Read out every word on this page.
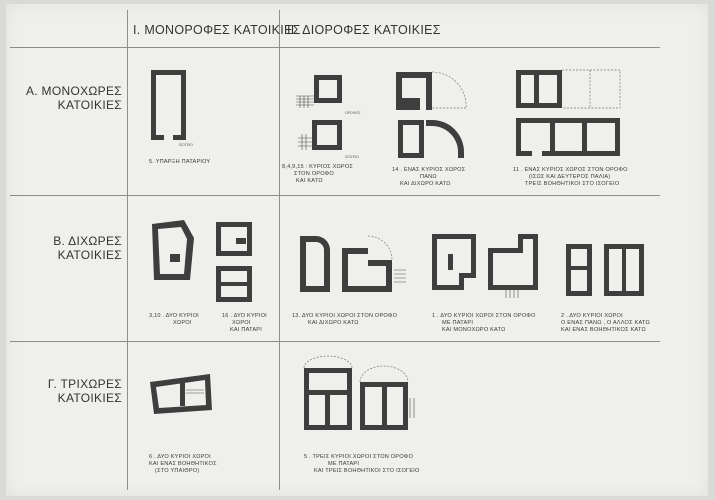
I. ΜΟΝΟΡΟΦΕΣ ΚΑΤΟΙΚΙΕΣ
II. ΔΙΟΡΟΦΕΣ ΚΑΤΟΙΚΙΕΣ
Α. ΜΟΝΟΧΩΡΕΣ
ΚΑΤΟΙΚΙΕΣ
Β. ΔΙΧΩΡΕΣ
ΚΑΤΟΙΚΙΕΣ
Γ. ΤΡΙΧΩΡΕΣ
ΚΑΤΟΙΚΙΕΣ
ΙΣΟΓΕΙΟ
5. ΥΠΑΡΞΗ ΠΑΤΑΡΙΟΥ
ΟΡΟΦΟΣ
ΙΣΟΓΕΙΟ
8,4,9,15 : ΚΥΡΙΟΣ ΧΩΡΟΣ
ΣΤΟΝ ΟΡΟΦΟ
ΚΑΙ ΚΑΤΩ
14 . ΕΝΑΣ ΚΥΡΙΟΣ ΧΩΡΟΣ
ΠΑΝΩ
ΚΑΙ ΔΙΧΩΡΟ ΚΑΤΩ
11 . ΕΝΑΣ ΚΥΡΙΟΣ ΧΩΡΟΣ ΣΤΟΝ ΟΡΟΦΟ
(ΙΣΩΣ ΚΑΙ ΔΕΥΤΕΡΟΣ ΠΑΛΙΑ)
ΤΡΕΙΣ ΒΟΗΘΗΤΙΚΟΙ ΣΤΟ ΙΣΟΓΕΙΟ
3,10 . ΔΥΟ ΚΥΡΙΟΙ
ΧΩΡΟΙ
16 . ΔΥΟ ΚΥΡΙΟΙ
ΧΩΡΟΙ
ΚΑΙ ΠΑΤΑΡΙ
13. ΔΥΟ ΚΥΡΙΟΙ ΧΩΡΟΙ ΣΤΟΝ ΟΡΟΦΟ
ΚΑΙ ΔΙΧΩΡΟ ΚΑΤΩ
1 . ΔΥΟ ΚΥΡΙΟΙ ΧΩΡΟΙ ΣΤΟΝ ΟΡΟΦΟ
ΜΕ ΠΑΤΑΡΙ
ΚΑΙ ΜΟΝΟΧΩΡΟ ΚΑΤΩ
2 . ΔΥΟ ΚΥΡΙΟΙ ΧΩΡΟΙ
Ο ΕΝΑΣ ΠΑΝΩ , Ο ΑΛΛΟΣ ΚΑΤΩ
ΚΑΙ ΕΝΑΣ ΒΟΗΘΗΤΙΚΟΣ ΚΑΤΩ
6 . ΔΥΟ ΚΥΡΙΟΙ ΧΩΡΟΙ
ΚΑΙ ΕΝΑΣ ΒΟΗΘΗΤΙΚΟΣ
(ΣΤΟ ΥΠΑΙΘΡΟ)
5 . ΤΡΕΙΣ ΚΥΡΙΟΙ ΧΩΡΟΙ ΣΤΟΝ ΟΡΟΦΟ
ΜΕ ΠΑΤΑΡΙ
ΚΑΙ ΤΡΕΙΣ ΒΟΗΘΗΤΙΚΟΙ ΣΤΟ ΙΣΟΓΕΙΟ
